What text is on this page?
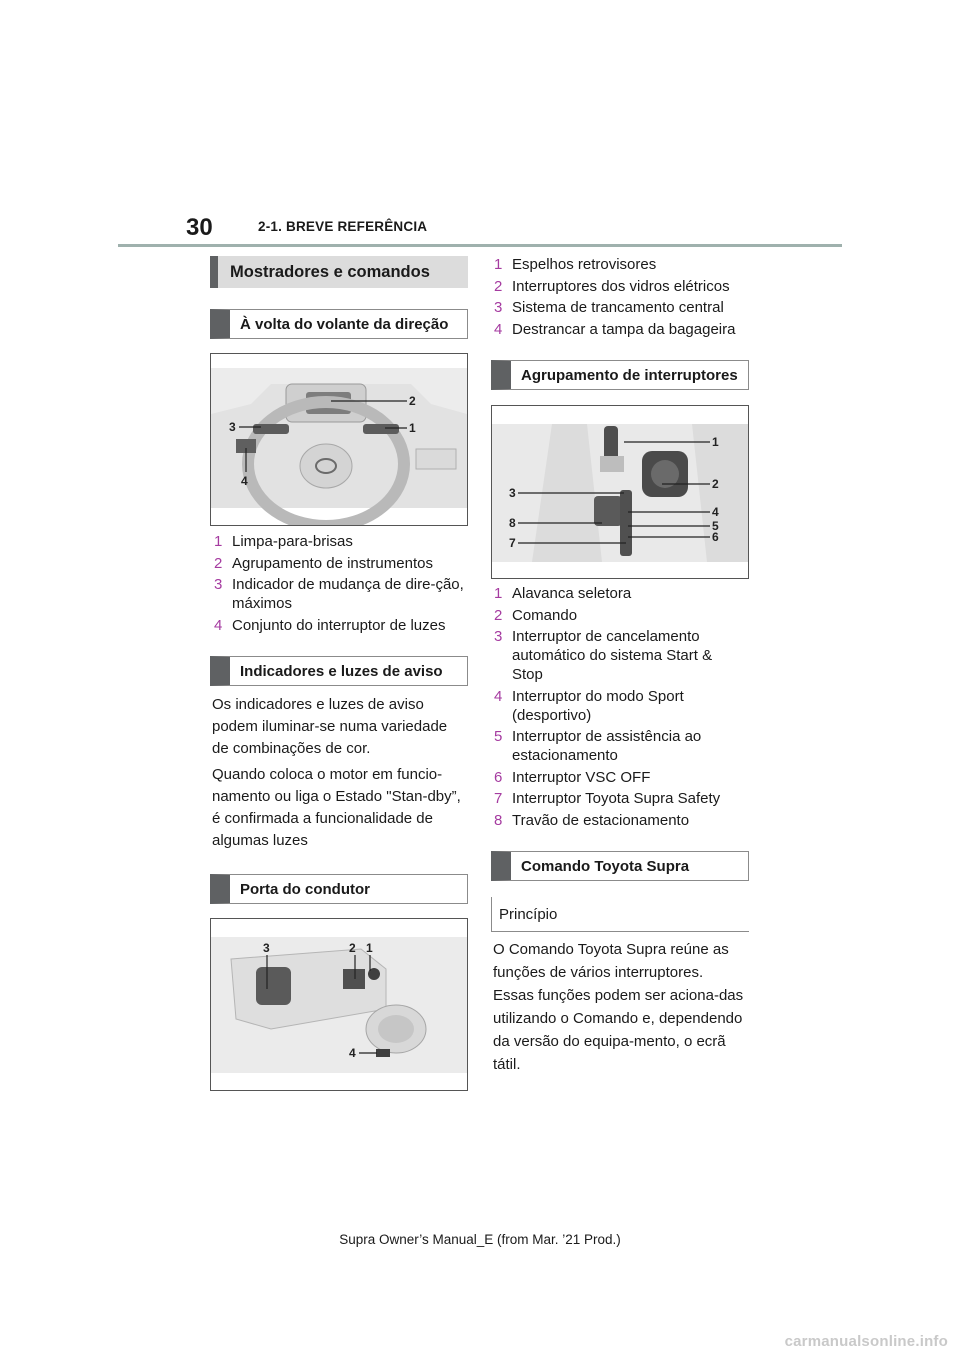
30	2-1. BREVE REFERÊNCIA
Mostradores e comandos
À volta do volante da direção
2
1
3
4
1 Limpa-para-brisas
2 Agrupamento de instrumentos
3 Indicador de mudança de dire-ção, máximos
4 Conjunto do interruptor de luzes
Indicadores e luzes de aviso

Os indicadores e luzes de aviso podem iluminar-se numa variedade de combinações de cor.

Quando coloca o motor em funcio-namento ou liga o Estado "Stan-dby”, é confirmada a funcionalidade de algumas luzes

Porta do condutor
3	2 1
4
1 Espelhos retrovisores
2 Interruptores dos vidros elétricos
3 Sistema de trancamento central
4 Destrancar a tampa da bagageira
Agrupamento de interruptores
1
2
3
4
8	5
6
7
1 Alavanca seletora
2 Comando
3 Interruptor de cancelamento automático do sistema Start & Stop
4 Interruptor do modo Sport (desportivo)
5 Interruptor de assistência ao estacionamento
6 Interruptor VSC OFF
7 Interruptor Toyota Supra Safety
8 Travão de estacionamento
Comando Toyota Supra
Princípio

O Comando Toyota Supra reúne as funções de vários interruptores. Essas funções podem ser aciona-das utilizando o Comando e, dependendo da versão do equipa-mento, o ecrã tátil.

Supra Owner’s Manual_E (from Mar. ’21 Prod.)
carmanualsonline.info
